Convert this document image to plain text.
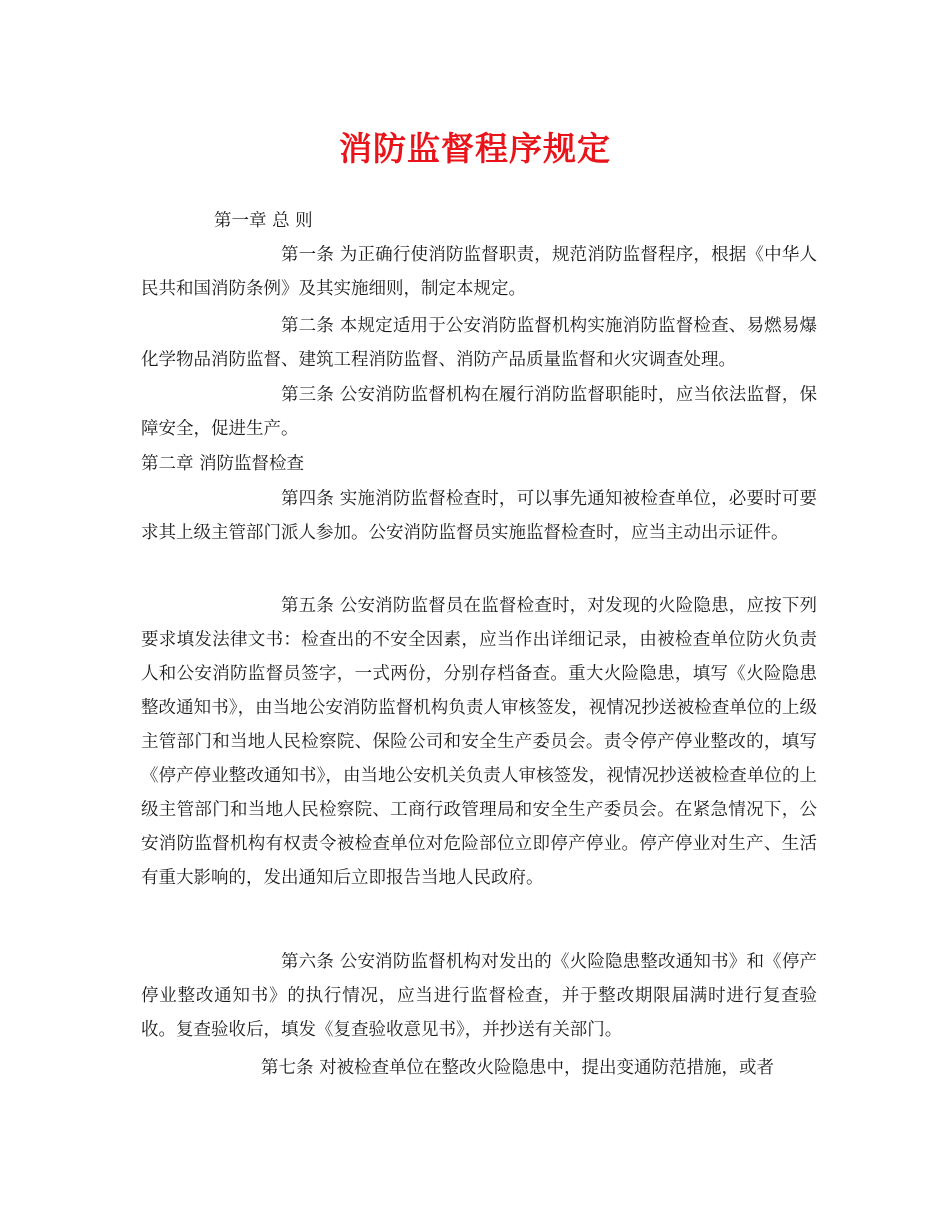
消防监督程序规定
第一章 总 则
第一条 为正确行使消防监督职责，规范消防监督程序，根据《中华人民共和国消防条例》及其实施细则，制定本规定。
第二条 本规定适用于公安消防监督机构实施消防监督检查、易燃易爆化学物品消防监督、建筑工程消防监督、消防产品质量监督和火灾调查处理。
第三条 公安消防监督机构在履行消防监督职能时，应当依法监督，保障安全，促进生产。
第二章 消防监督检查
第四条 实施消防监督检查时，可以事先通知被检查单位，必要时可要求其上级主管部门派人参加。公安消防监督员实施监督检查时，应当主动出示证件。
第五条 公安消防监督员在监督检查时，对发现的火险隐患，应按下列要求填发法律文书：检查出的不安全因素，应当作出详细记录，由被检查单位防火负责人和公安消防监督员签字，一式两份，分别存档备查。重大火险隐患，填写《火险隐患整改通知书》，由当地公安消防监督机构负责人审核签发，视情况抄送被检查单位的上级主管部门和当地人民检察院、保险公司和安全生产委员会。责令停产停业整改的，填写《停产停业整改通知书》，由当地公安机关负责人审核签发，视情况抄送被检查单位的上级主管部门和当地人民检察院、工商行政管理局和安全生产委员会。在紧急情况下，公安消防监督机构有权责令被检查单位对危险部位立即停产停业。停产停业对生产、生活有重大影响的，发出通知后立即报告当地人民政府。
第六条 公安消防监督机构对发出的《火险隐患整改通知书》和《停产停业整改通知书》的执行情况，应当进行监督检查，并于整改期限届满时进行复查验收。复查验收后，填发《复查验收意见书》，并抄送有关部门。
第七条 对被检查单位在整改火险隐患中，提出变通防范措施，或者
